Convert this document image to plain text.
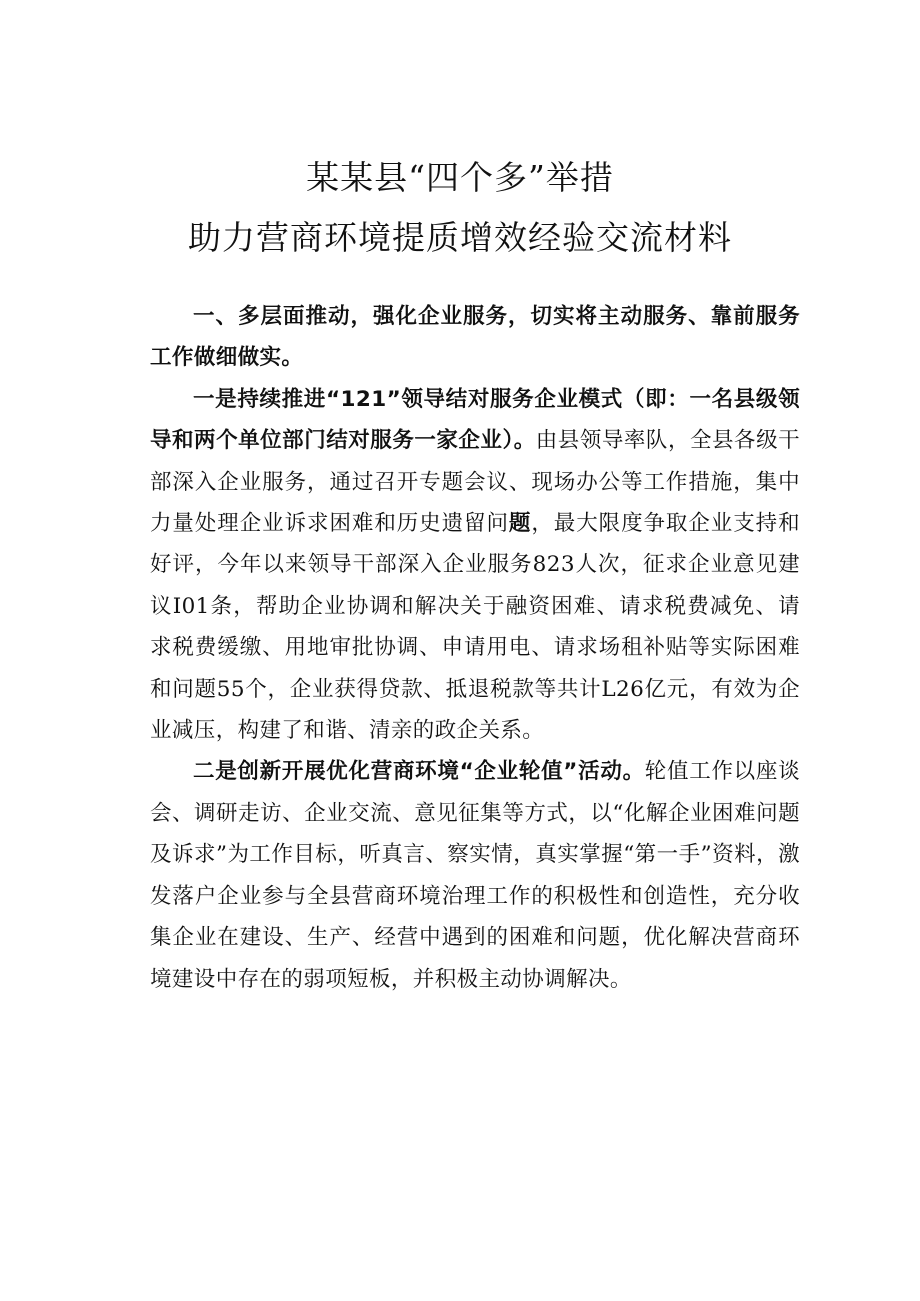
某某县“四个多”举措
助力营商环境提质增效经验交流材料

一、多层面推动，强化企业服务，切实将主动服务、靠前服务工作做细做实。

一是持续推进“121”领导结对服务企业模式（即：一名县级领导和两个单位部门结对服务一家企业）。由县领导率队，全县各级干部深入企业服务，通过召开专题会议、现场办公等工作措施，集中力量处理企业诉求困难和历史遗留问题，最大限度争取企业支持和好评，今年以来领导干部深入企业服务823人次，征求企业意见建议I01条，帮助企业协调和解决关于融资困难、请求税费减免、请求税费缓缴、用地审批协调、申请用电、请求场租补贴等实际困难和问题55个，企业获得贷款、抵退税款等共计L26亿元，有效为企业减压，构建了和谐、清亲的政企关系。

二是创新开展优化营商环境“企业轮值”活动。轮值工作以座谈会、调研走访、企业交流、意见征集等方式，以“化解企业困难问题及诉求”为工作目标，听真言、察实情，真实掌握“第一手”资料，激发落户企业参与全县营商环境治理工作的积极性和创造性，充分收集企业在建设、生产、经营中遇到的困难和问题，优化解决营商环境建设中存在的弱项短板，并积极主动协调解决。
